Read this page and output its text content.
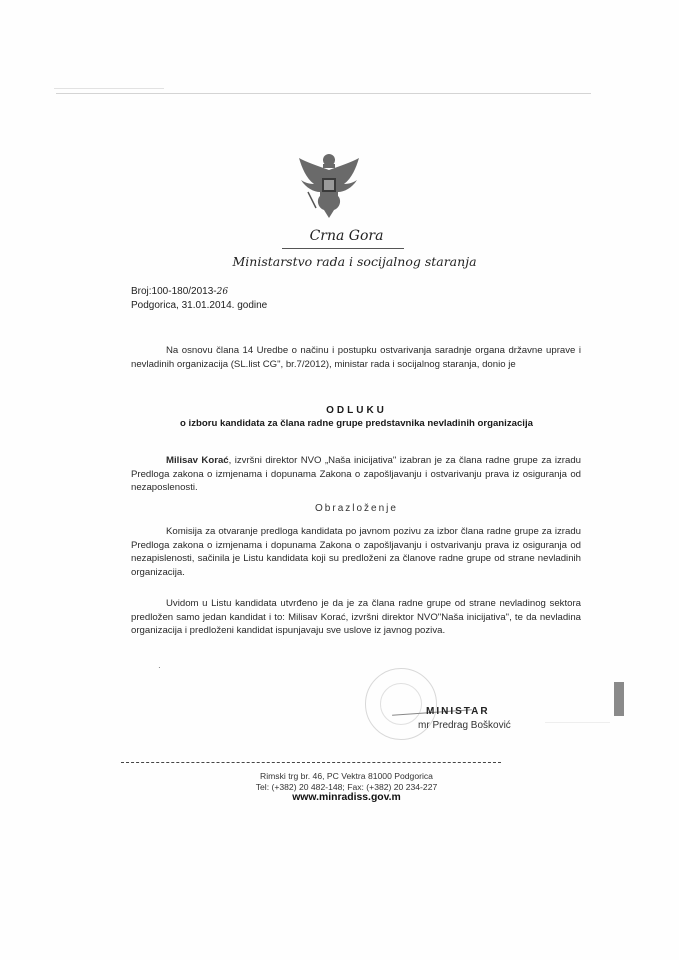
Crna Gora
Ministarstvo rada i socijalnog staranja
Broj:100-180/2013-26
Podgorica, 31.01.2014. godine
Na osnovu člana 14 Uredbe o načinu i postupku ostvarivanja saradnje organa državne uprave i nevladinih organizacija (SL.list CG", br.7/2012), ministar rada i socijalnog staranja, donio je
ODLUKU
o izboru kandidata za člana radne grupe predstavnika nevladinih organizacija
Milisav Korać, izvršni direktor NVO „Naša inicijativa" izabran je za člana radne grupe za izradu Predloga zakona o izmjenama i dopunama Zakona o zapošljavanju i ostvarivanju prava iz osiguranja od nezaposlenosti.
Obrazloženje
Komisija za otvaranje predloga kandidata po javnom pozivu za izbor člana radne grupe za izradu Predloga zakona o izmjenama i dopunama Zakona o zapošljavanju i ostvarivanju prava iz osiguranja od nezapislenosti, sačinila je Listu kandidata koji su predloženi za članove radne grupe od strane nevladinih organizacija.
Uvidom u Listu kandidata utvrđeno je da je za člana radne grupe od strane nevladinog sektora predložen samo jedan kandidat i to: Milisav Korać, izvršni direktor NVO"Naša inicijativa", te da nevladina organizacija i predloženi kandidat ispunjavaju sve uslove iz javnog poziva.
·
MINISTAR
mr Predrag Bošković
Rimski trg br. 46, PC Vektra 81000 Podgorica
Tel: (+382) 20 482-148; Fax: (+382) 20 234-227
www.minradiss.gov.m
